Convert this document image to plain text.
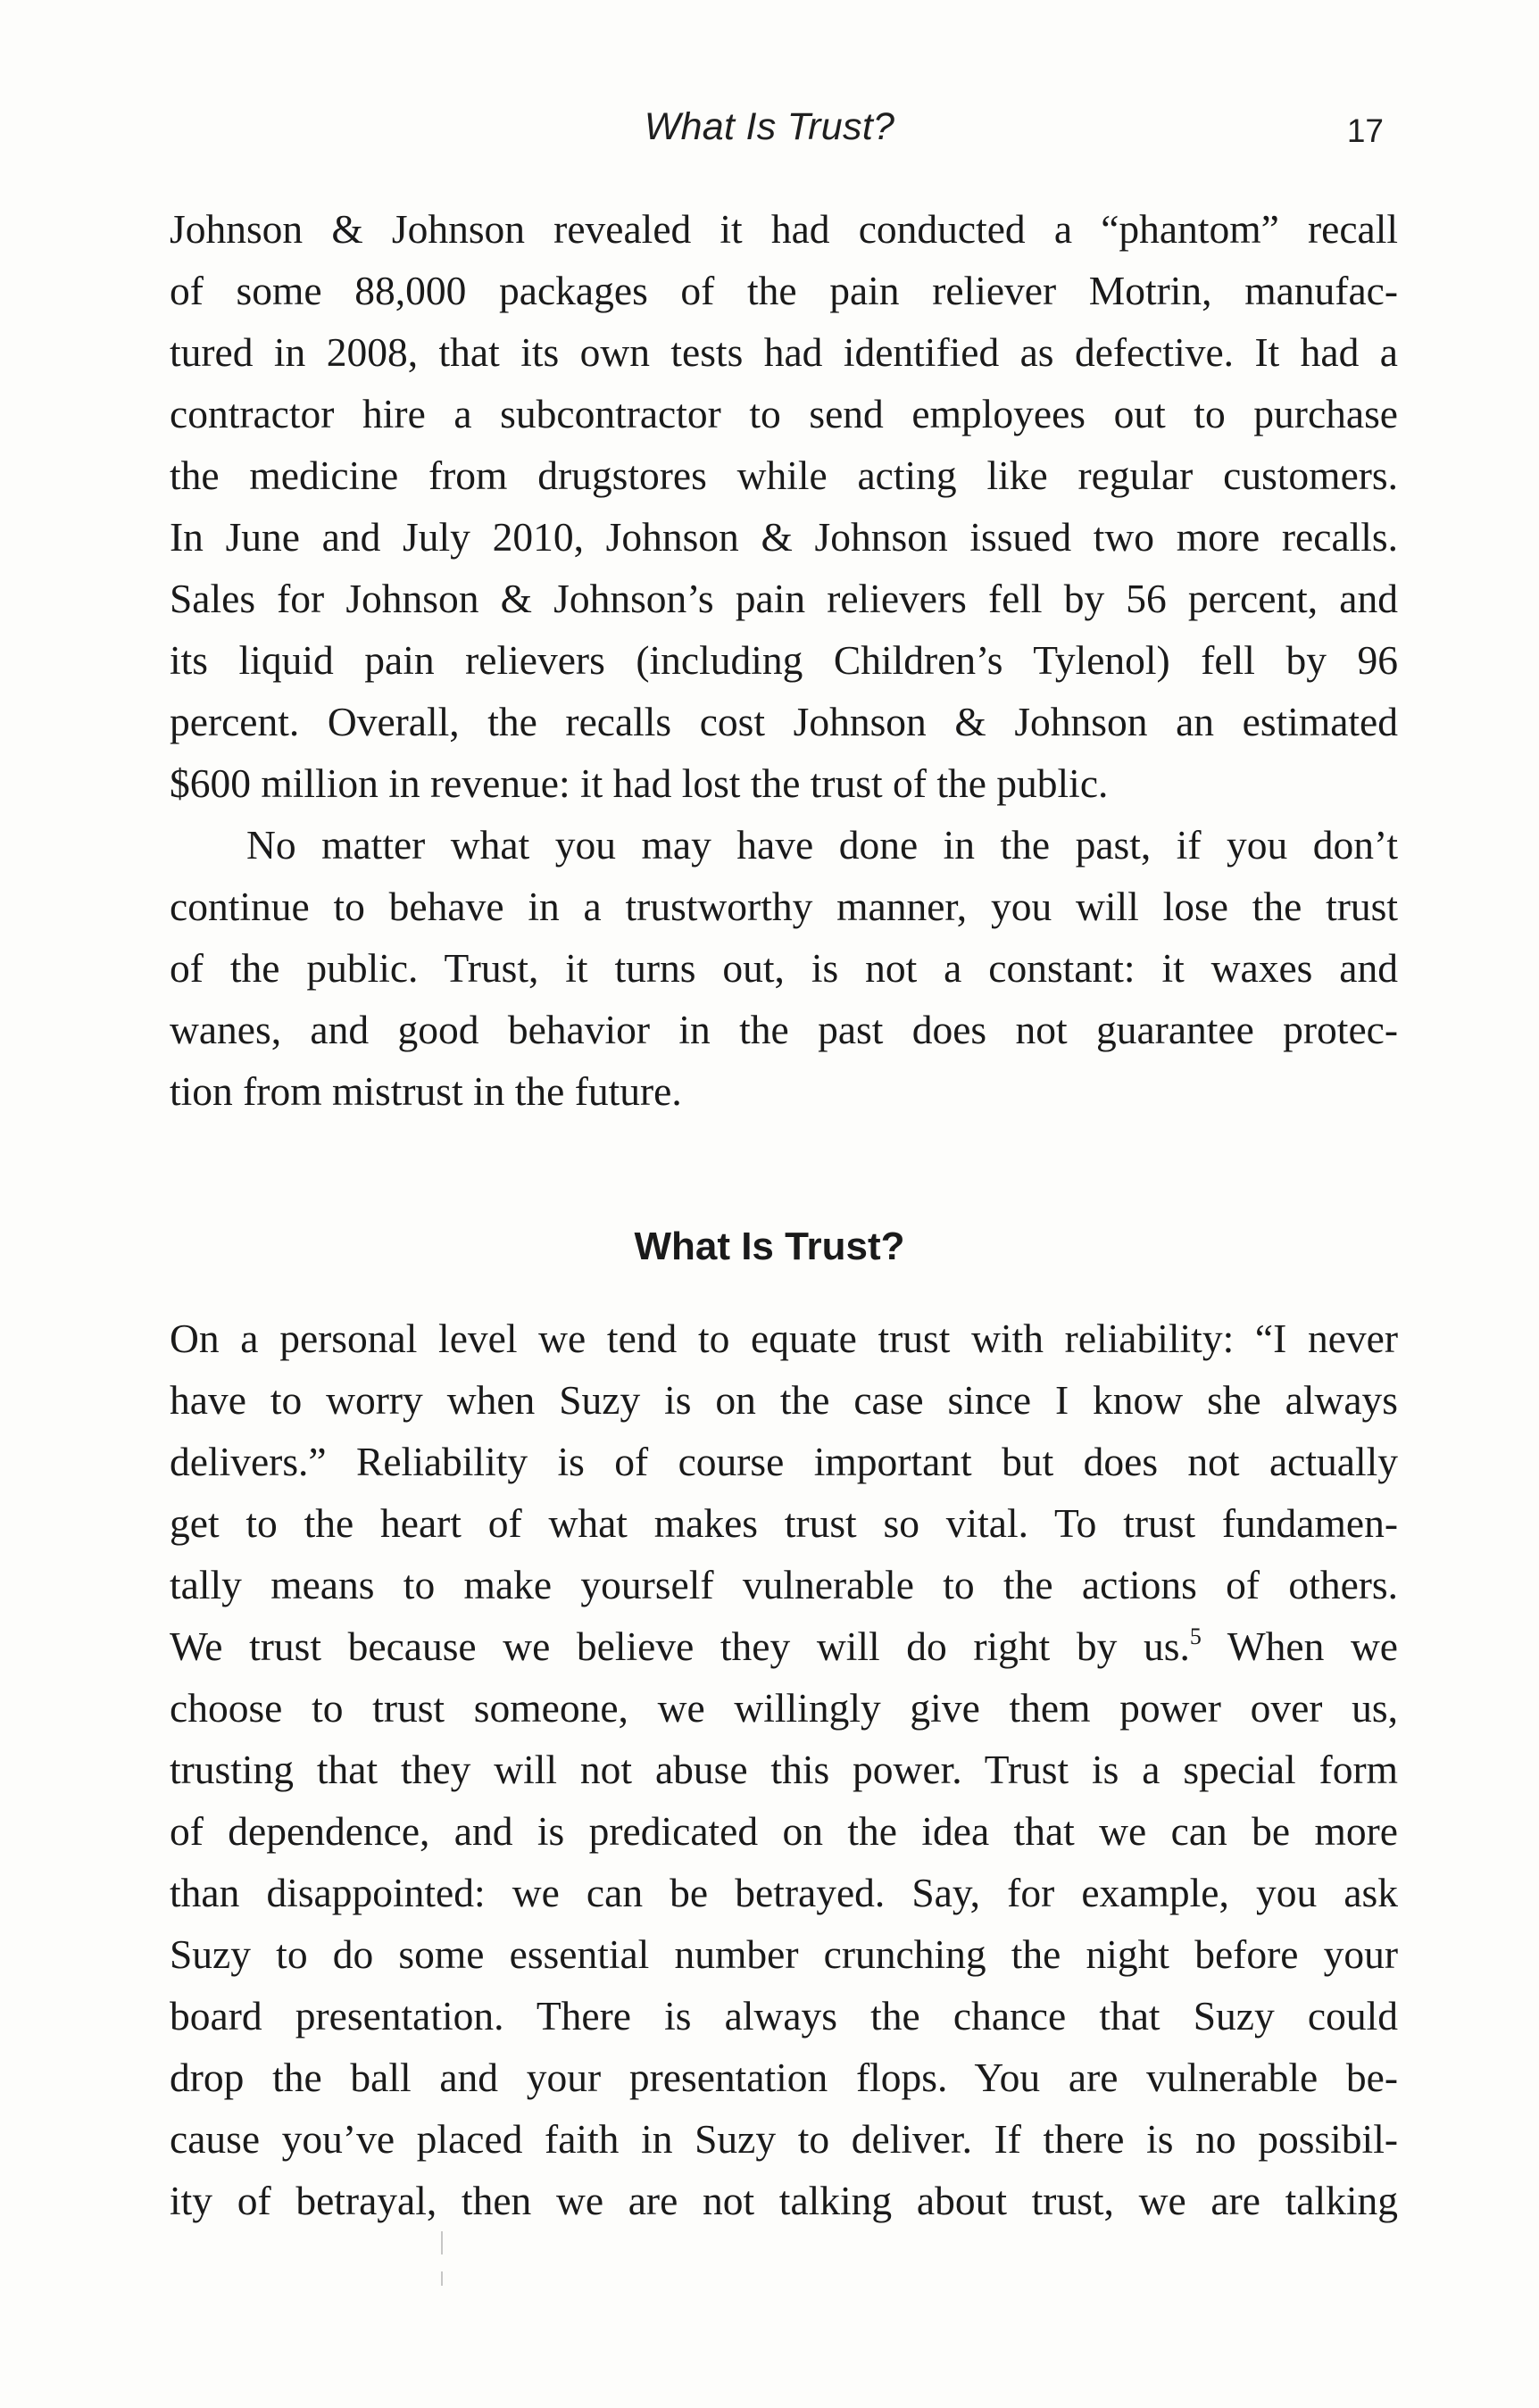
What Is Trust?	17
Johnson & Johnson revealed it had conducted a “phantom” recall
of some 88,000 packages of the pain reliever Motrin, manufac-
tured in 2008, that its own tests had identified as defective. It had a
contractor hire a subcontractor to send employees out to purchase
the medicine from drugstores while acting like regular customers.
In June and July 2010, Johnson & Johnson issued two more recalls.
Sales for Johnson & Johnson’s pain relievers fell by 56 percent, and
its liquid pain relievers (including Children’s Tylenol) fell by 96
percent. Overall, the recalls cost Johnson & Johnson an estimated
$600 million in revenue: it had lost the trust of the public.
No matter what you may have done in the past, if you don’t
continue to behave in a trustworthy manner, you will lose the trust
of the public. Trust, it turns out, is not a constant: it waxes and
wanes, and good behavior in the past does not guarantee protec-
tion from mistrust in the future.
What Is Trust?
On a personal level we tend to equate trust with reliability: “I never
have to worry when Suzy is on the case since I know she always
delivers.” Reliability is of course important but does not actually
get to the heart of what makes trust so vital. To trust fundamen-
tally means to make yourself vulnerable to the actions of others.
We trust because we believe they will do right by us.$^5$ When we
choose to trust someone, we willingly give them power over us,
trusting that they will not abuse this power. Trust is a special form
of dependence, and is predicated on the idea that we can be more
than disappointed: we can be betrayed. Say, for example, you ask
Suzy to do some essential number crunching the night before your
board presentation. There is always the chance that Suzy could
drop the ball and your presentation flops. You are vulnerable be-
cause you’ve placed faith in Suzy to deliver. If there is no possibil-
ity of betrayal, then we are not talking about trust, we are talking
